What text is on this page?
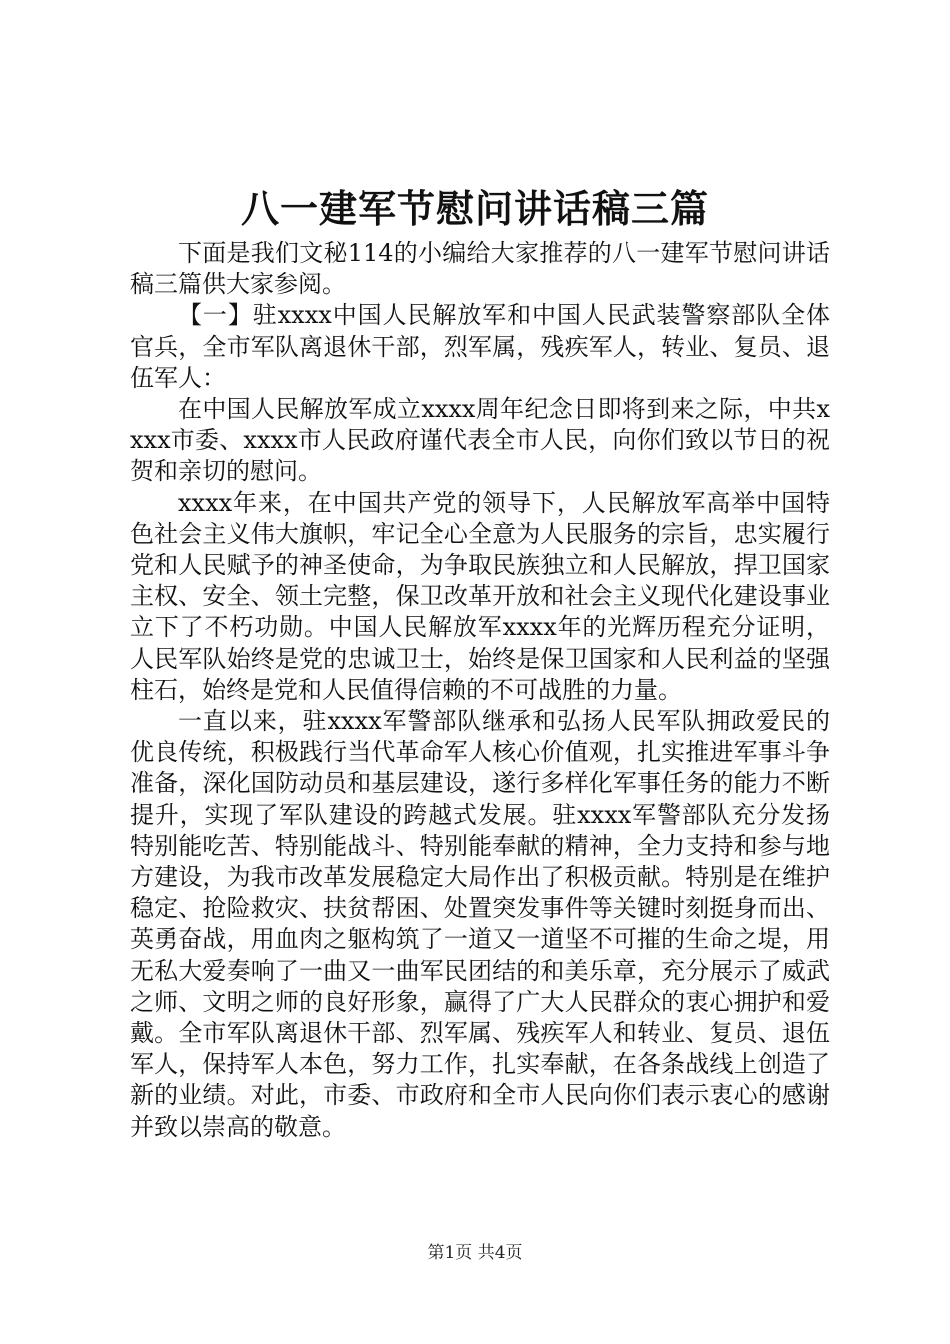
八一建军节慰问讲话稿三篇

下面是我们文秘114的小编给大家推荐的八一建军节慰问讲话稿三篇供大家参阅。

【一】驻xxxx中国人民解放军和中国人民武装警察部队全体官兵，全市军队离退休干部，烈军属，残疾军人，转业、复员、退伍军人：

在中国人民解放军成立xxxx周年纪念日即将到来之际，中共xxxx市委、xxxx市人民政府谨代表全市人民，向你们致以节日的祝贺和亲切的慰问。

xxxx年来，在中国共产党的领导下，人民解放军高举中国特色社会主义伟大旗帜，牢记全心全意为人民服务的宗旨，忠实履行党和人民赋予的神圣使命，为争取民族独立和人民解放，捍卫国家主权、安全、领土完整，保卫改革开放和社会主义现代化建设事业立下了不朽功勋。中国人民解放军xxxx年的光辉历程充分证明，人民军队始终是党的忠诚卫士，始终是保卫国家和人民利益的坚强柱石，始终是党和人民值得信赖的不可战胜的力量。

一直以来，驻xxxx军警部队继承和弘扬人民军队拥政爱民的优良传统，积极践行当代革命军人核心价值观，扎实推进军事斗争准备，深化国防动员和基层建设，遂行多样化军事任务的能力不断提升，实现了军队建设的跨越式发展。驻xxxx军警部队充分发扬特别能吃苦、特别能战斗、特别能奉献的精神，全力支持和参与地方建设，为我市改革发展稳定大局作出了积极贡献。特别是在维护稳定、抢险救灾、扶贫帮困、处置突发事件等关键时刻挺身而出、英勇奋战，用血肉之躯构筑了一道又一道坚不可摧的生命之堤，用无私大爱奏响了一曲又一曲军民团结的和美乐章，充分展示了威武之师、文明之师的良好形象，赢得了广大人民群众的衷心拥护和爱戴。全市军队离退休干部、烈军属、残疾军人和转业、复员、退伍军人，保持军人本色，努力工作，扎实奉献，在各条战线上创造了新的业绩。对此，市委、市政府和全市人民向你们表示衷心的感谢并致以崇高的敬意。

第1页 共4页
